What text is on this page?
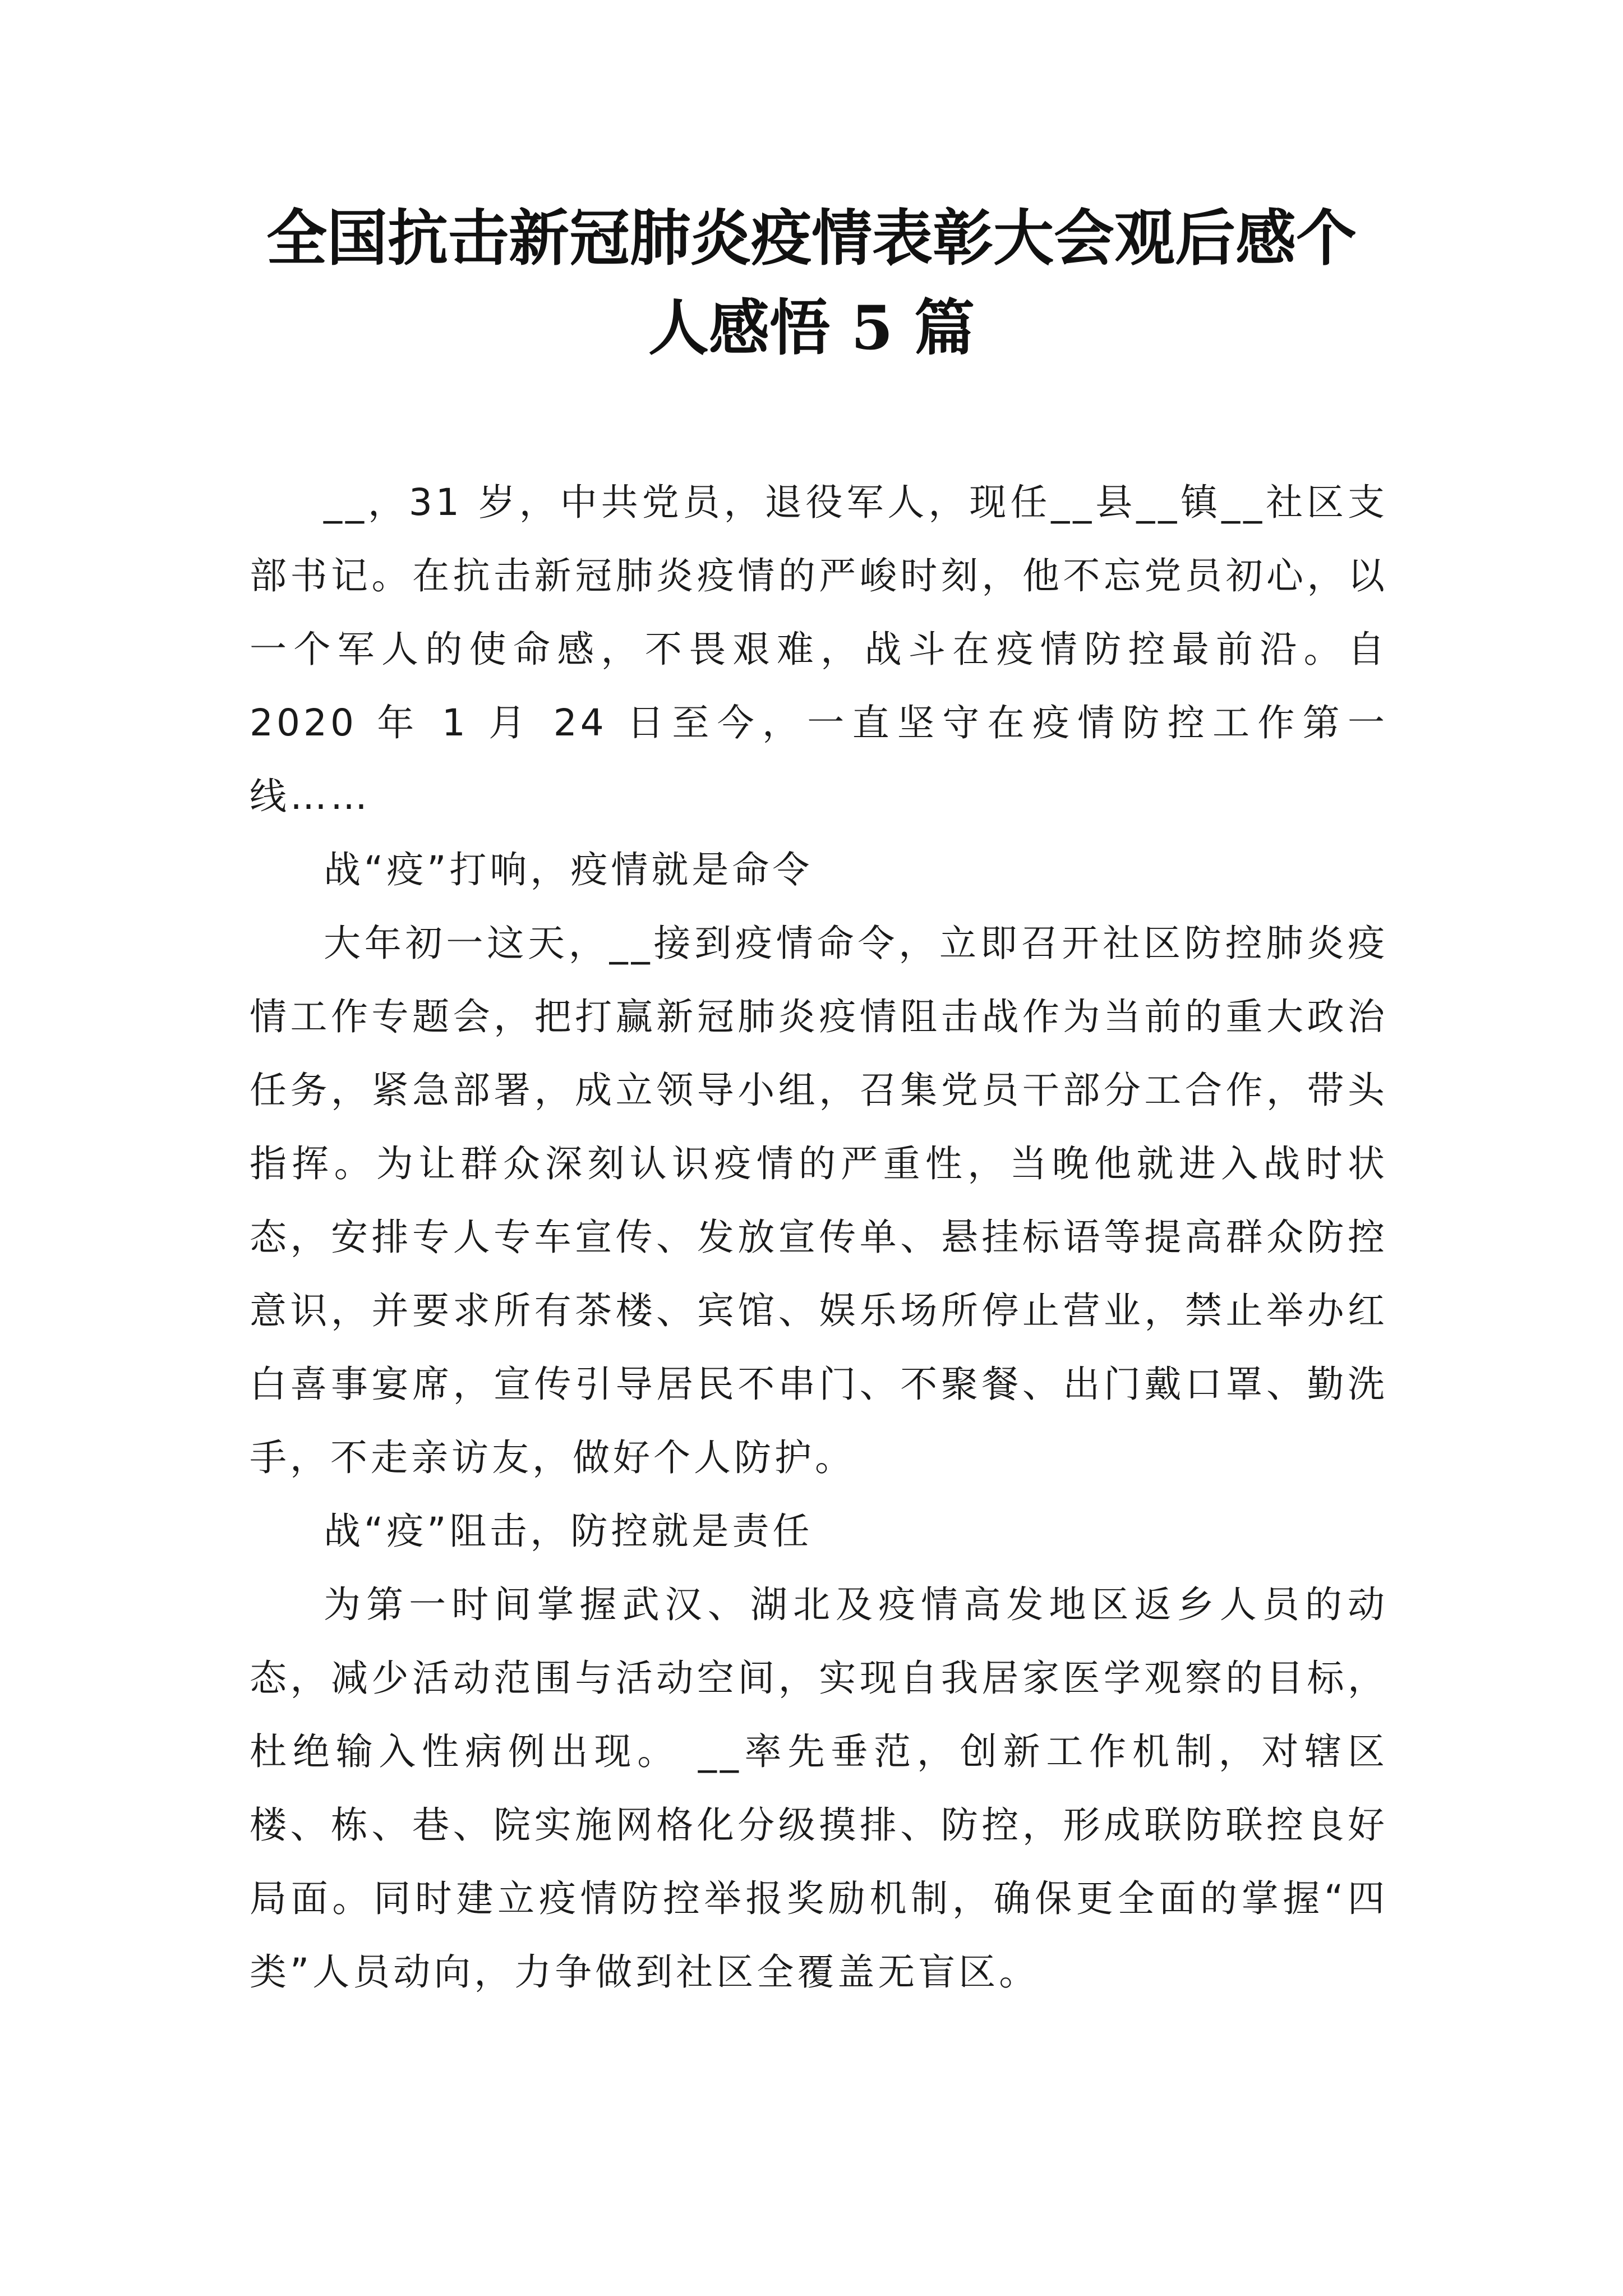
全国抗击新冠肺炎疫情表彰大会观后感个
人感悟 5 篇

__，31 岁，中共党员，退役军人，现任__县__镇__社区支部书记。在抗击新冠肺炎疫情的严峻时刻，他不忘党员初心，以一个军人的使命感，不畏艰难，战斗在疫情防控最前沿。自 2020 年 1 月 24 日至今，一直坚守在疫情防控工作第一线……

战“疫”打响，疫情就是命令

大年初一这天，__接到疫情命令，立即召开社区防控肺炎疫情工作专题会，把打赢新冠肺炎疫情阻击战作为当前的重大政治任务，紧急部署，成立领导小组，召集党员干部分工合作，带头指挥。为让群众深刻认识疫情的严重性，当晚他就进入战时状态，安排专人专车宣传、发放宣传单、悬挂标语等提高群众防控意识，并要求所有茶楼、宾馆、娱乐场所停止营业，禁止举办红白喜事宴席，宣传引导居民不串门、不聚餐、出门戴口罩、勤洗手，不走亲访友，做好个人防护。

战“疫”阻击，防控就是责任

为第一时间掌握武汉、湖北及疫情高发地区返乡人员的动态，减少活动范围与活动空间，实现自我居家医学观察的目标，杜绝输入性病例出现。 __率先垂范，创新工作机制，对辖区楼、栋、巷、院实施网格化分级摸排、防控，形成联防联控良好局面。同时建立疫情防控举报奖励机制，确保更全面的掌握“四类”人员动向，力争做到社区全覆盖无盲区。
